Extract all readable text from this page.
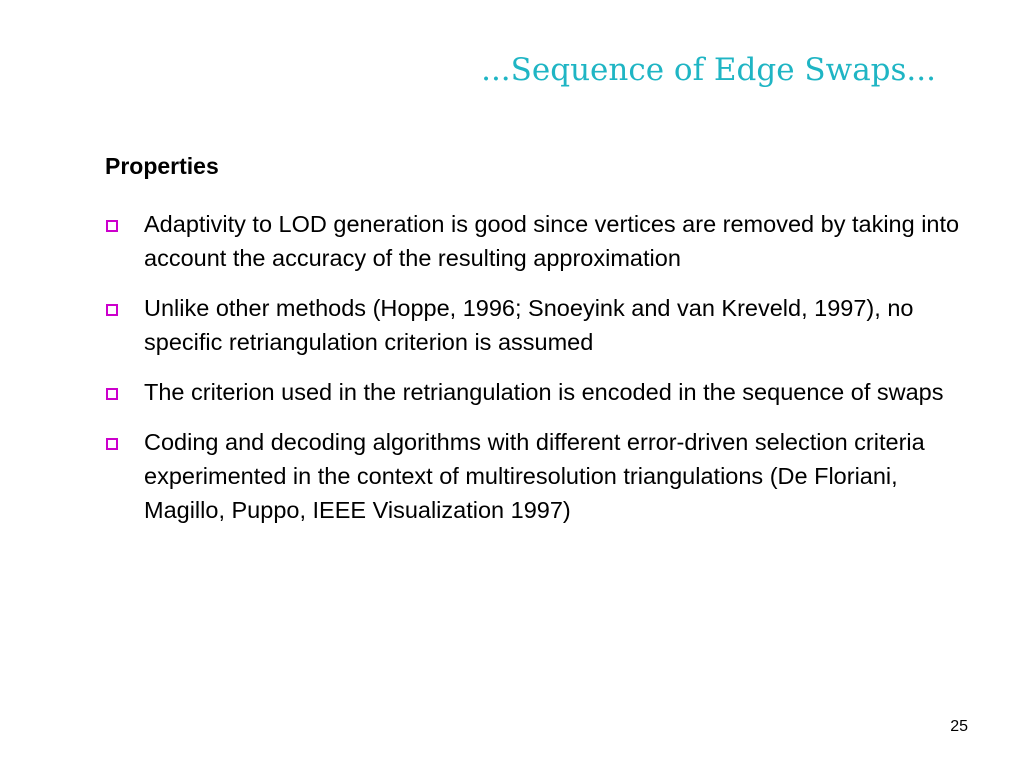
...Sequence of Edge Swaps...
Properties
Adaptivity to LOD generation is good since vertices are removed by taking into account the accuracy of the resulting approximation
Unlike other methods (Hoppe, 1996; Snoeyink and van Kreveld, 1997), no specific retriangulation criterion is assumed
The criterion used in the retriangulation is encoded in the sequence of swaps
Coding and decoding algorithms with different error-driven selection criteria experimented in the context of multiresolution triangulations (De Floriani, Magillo, Puppo, IEEE Visualization 1997)
25
